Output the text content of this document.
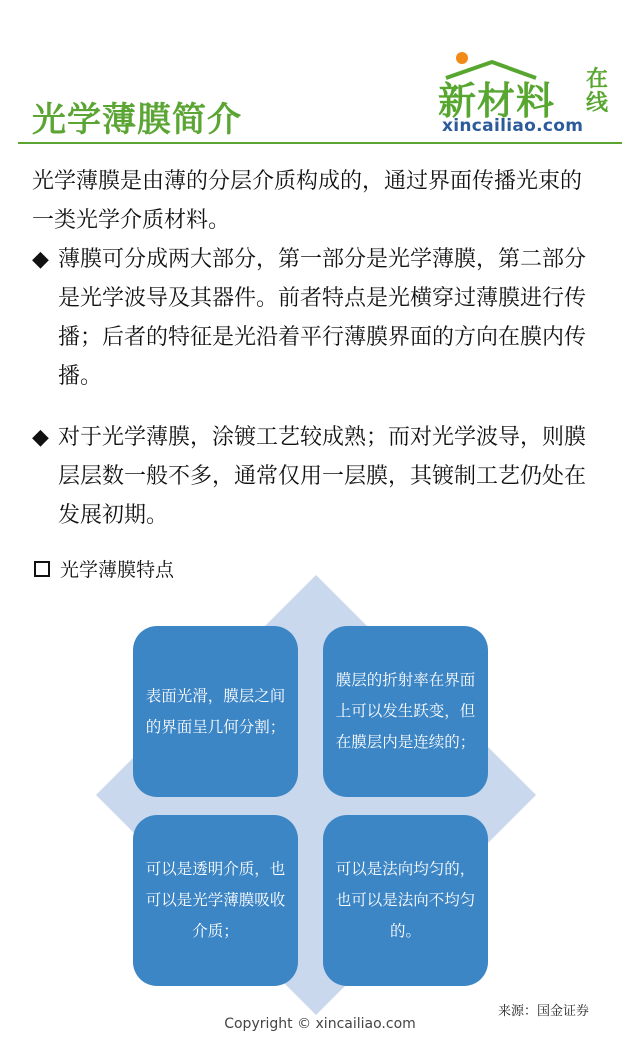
光学薄膜简介	新材料 在线
xincailiao.com
光学薄膜是由薄的分层介质构成的，通过界面传播光束的一类光学介质材料。
◆ 薄膜可分成两大部分，第一部分是光学薄膜，第二部分是光学波导及其器件。前者特点是光横穿过薄膜进行传播；后者的特征是光沿着平行薄膜界面的方向在膜内传播。
◆ 对于光学薄膜，涂镀工艺较成熟；而对光学波导，则膜层层数一般不多，通常仅用一层膜，其镀制工艺仍处在发展初期。
光学薄膜特点
表面光滑，膜层之间的界面呈几何分割；
膜层的折射率在界面上可以发生跃变，但在膜层内是连续的；
可以是透明介质，也可以是光学薄膜吸收介质；
可以是法向均匀的，也可以是法向不均匀的。
来源：国金证券
Copyright © xincailiao.com
